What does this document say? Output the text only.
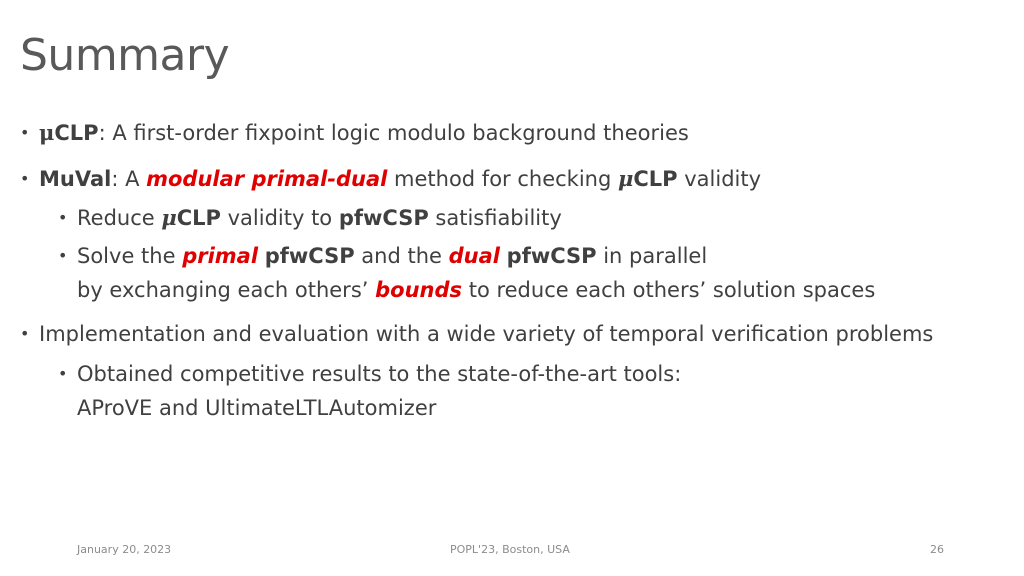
Summary
• μCLP: A first-order fixpoint logic modulo background theories
• MuVal: A modular primal-dual method for checking μCLP validity
• Reduce μCLP validity to pfwCSP satisfiability
• Solve the primal pfwCSP and the dual pfwCSP in parallel
by exchanging each others’ bounds to reduce each others’ solution spaces
• Implementation and evaluation with a wide variety of temporal verification problems
• Obtained competitive results to the state-of-the-art tools:
AProVE and UltimateLTLAutomizer
January 20, 2023	POPL'23, Boston, USA	26
